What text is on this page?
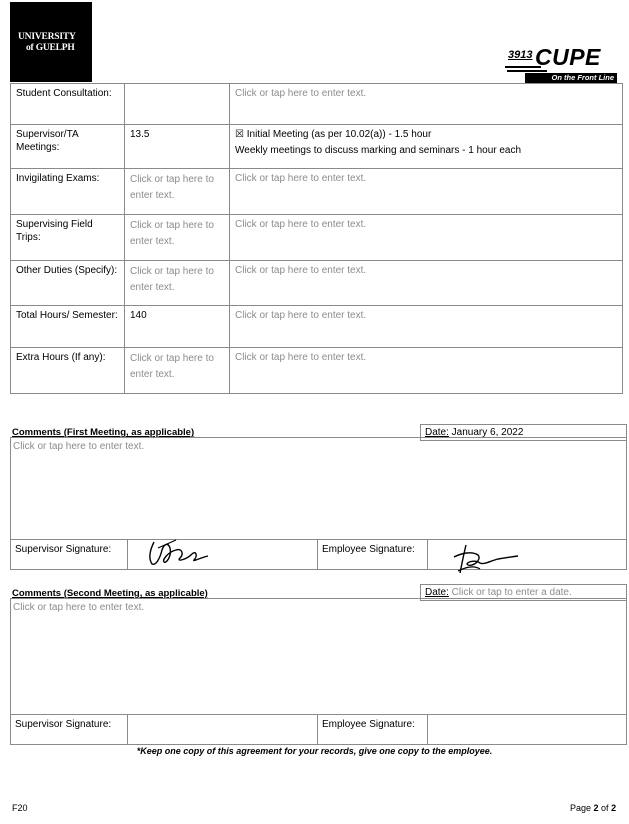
UNIVERSITY
of GUELPH
3913 CUPE
On the Front Line
Student Consultation:		Click or tap here to enter text.
Supervisor/TA Meetings:	13.5	☒ Initial Meeting (as per 10.02(a)) - 1.5 hour
Weekly meetings to discuss marking and seminars - 1 hour each

Invigilating Exams:	Click or tap here to enter text.	Click or tap here to enter text.
Supervising Field Trips:	Click or tap here to enter text.	Click or tap here to enter text.
Other Duties (Specify):	Click or tap here to enter text.	Click or tap here to enter text.
Total Hours/ Semester:	140	Click or tap here to enter text.
Extra Hours (If any):	Click or tap here to enter text.	Click or tap here to enter text.
Comments (First Meeting, as applicable)	Date: January 6, 2022
Click or tap here to enter text.
Supervisor Signature:	Employee Signature:
Comments (Second Meeting, as applicable)	Date: Click or tap to enter a date.
Click or tap here to enter text.
Supervisor Signature:	Employee Signature:
*Keep one copy of this agreement for your records, give one copy to the employee.
F20	Page 2 of 2
